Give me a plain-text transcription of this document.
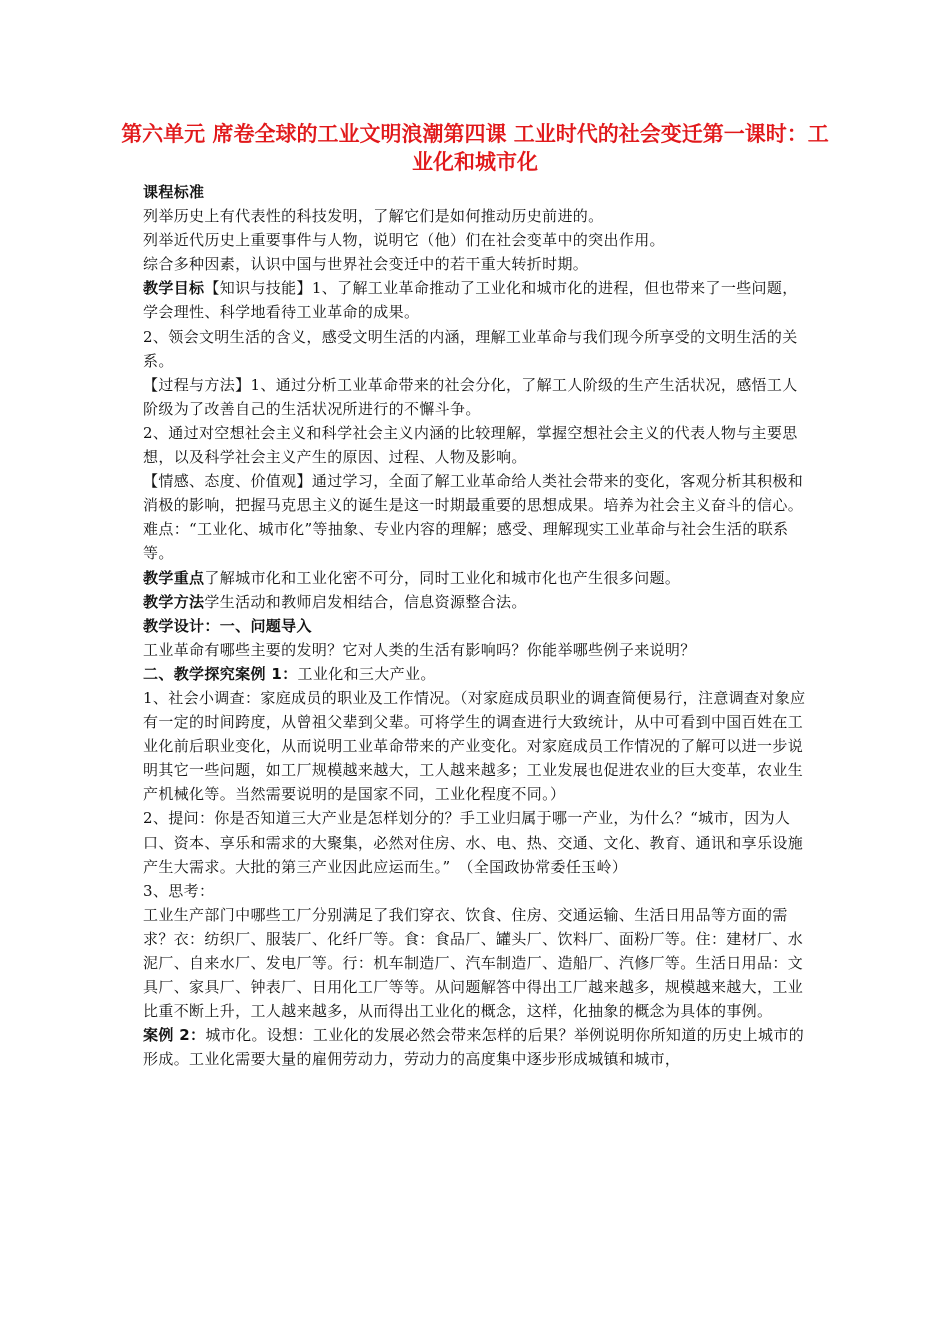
第六单元 席卷全球的工业文明浪潮第四课 工业时代的社会变迁第一课时：工业化和城市化

课程标准

列举历史上有代表性的科技发明，了解它们是如何推动历史前进的。

列举近代历史上重要事件与人物，说明它（他）们在社会变革中的突出作用。

综合多种因素，认识中国与世界社会变迁中的若干重大转折时期。

教学目标【知识与技能】1、了解工业革命推动了工业化和城市化的进程，但也带来了一些问题，学会理性、科学地看待工业革命的成果。

2、领会文明生活的含义，感受文明生活的内涵，理解工业革命与我们现今所享受的文明生活的关系。

【过程与方法】1、通过分析工业革命带来的社会分化，了解工人阶级的生产生活状况，感悟工人阶级为了改善自己的生活状况所进行的不懈斗争。

2、通过对空想社会主义和科学社会主义内涵的比较理解，掌握空想社会主义的代表人物与主要思想，以及科学社会主义产生的原因、过程、人物及影响。

【情感、态度、价值观】通过学习，全面了解工业革命给人类社会带来的变化，客观分析其积极和消极的影响，把握马克思主义的诞生是这一时期最重要的思想成果。培养为社会主义奋斗的信心。

难点：“工业化、城市化”等抽象、专业内容的理解；感受、理解现实工业革命与社会生活的联系等。

教学重点了解城市化和工业化密不可分，同时工业化和城市化也产生很多问题。

教学方法学生活动和教师启发相结合，信息资源整合法。

教学设计：一、问题导入

工业革命有哪些主要的发明？它对人类的生活有影响吗？你能举哪些例子来说明？

二、教学探究案例 1：工业化和三大产业。

1、社会小调查：家庭成员的职业及工作情况。（对家庭成员职业的调查简便易行，注意调查对象应有一定的时间跨度，从曾祖父辈到父辈。可将学生的调查进行大致统计，从中可看到中国百姓在工业化前后职业变化，从而说明工业革命带来的产业变化。对家庭成员工作情况的了解可以进一步说明其它一些问题，如工厂规模越来越大，工人越来越多；工业发展也促进农业的巨大变革，农业生产机械化等。当然需要说明的是国家不同，工业化程度不同。）

2、提问：你是否知道三大产业是怎样划分的？手工业归属于哪一产业，为什么？“城市，因为人口、资本、享乐和需求的大聚集，必然对住房、水、电、热、交通、文化、教育、通讯和享乐设施产生大需求。大批的第三产业因此应运而生。”　（全国政协常委任玉岭）

3、思考：

工业生产部门中哪些工厂分别满足了我们穿衣、饮食、住房、交通运输、生活日用品等方面的需求？衣：纺织厂、服装厂、化纤厂等。食：食品厂、罐头厂、饮料厂、面粉厂等。住：建材厂、水泥厂、自来水厂、发电厂等。行：机车制造厂、汽车制造厂、造船厂、汽修厂等。生活日用品：文具厂、家具厂、钟表厂、日用化工厂等等。从问题解答中得出工厂越来越多，规模越来越大，工业比重不断上升，工人越来越多，从而得出工业化的概念，这样，化抽象的概念为具体的事例。

案例 2：城市化。设想：工业化的发展必然会带来怎样的后果？举例说明你所知道的历史上城市的形成。工业化需要大量的雇佣劳动力，劳动力的高度集中逐步形成城镇和城市，
